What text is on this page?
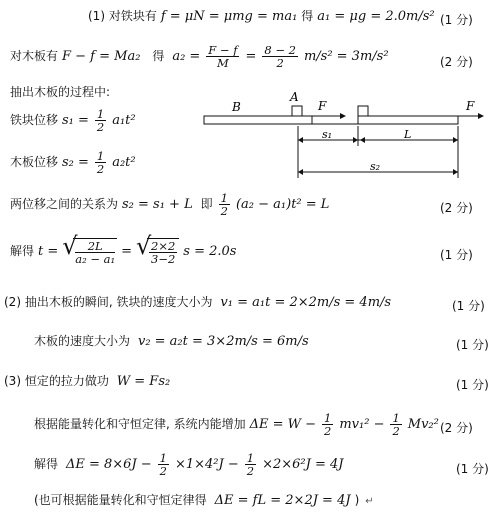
(1) 对铁块有 f = μN = μmg = ma₁ 得 a₁ = μg = 2.0m/s² (1 分)
对木板有 F − f = Ma₂ 得 $a_2 = \frac{F - f}{M} = \frac{8 - 2}{2} m/s^2 = 3m/s^2$	(2 分)
抽出木板的过程中:
铁块位移 $s_1 = \frac{1}{2} a_1t^2$
木板位移 $s_2 = \frac{1}{2} a_2t^2$
B
A
F	F
s₁	L
s₂
两位移之间的关系为 s₂ = s₁ + L 即 $\frac{1}{2} (a_2 - a_1)t^2 = L$	(2 分)
解得 t = √ $\frac{2L}{\text{a₂ − a₁}}$ = √ $\frac{2\times 2}{3-2}$ s = 2.0s	(1 分)
(2) 抽出木板的瞬间, 铁块的速度大小为 v₁ = a₁t = 2×2m/s = 4m/s	(1 分)
木板的速度大小为 v₂ = a₂t = 3×2m/s = 6m/s	(1 分)
(3) 恒定的拉力做功 W = Fs₂	(1 分)
根据能量转化和守恒定律, 系统内能增加 $\Delta E = W - \frac{1}{2} mv_1^2 - \frac{1}{2} Mv_2^2$ (2 分)
解得 $\Delta E = 8\times 6J - \frac{1}{2} \times 1\times 4^2J - \frac{1}{2} \times 2\times 6^2J = 4J$	(1 分)
(也可根据能量转化和守恒定律得 ΔE = fL = 2×2J = 4J ) ↵
